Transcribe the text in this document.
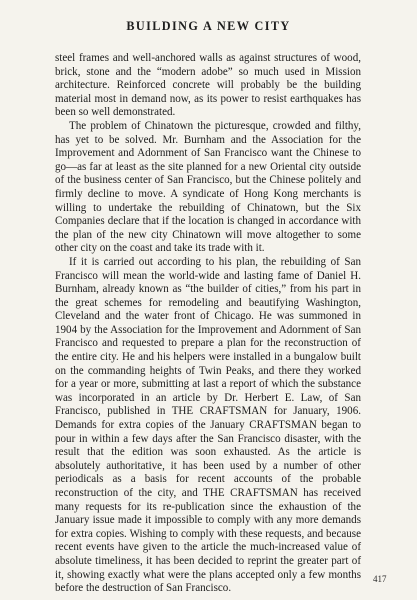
BUILDING A NEW CITY

steel frames and well-anchored walls as against structures of wood, brick, stone and the “modern adobe” so much used in Mission architecture. Reinforced concrete will probably be the building material most in demand now, as its power to resist earthquakes has been so well demonstrated.

The problem of Chinatown the picturesque, crowded and filthy, has yet to be solved. Mr. Burnham and the Association for the Improvement and Adornment of San Francisco want the Chinese to go—as far at least as the site planned for a new Oriental city outside of the business center of San Francisco, but the Chinese politely and firmly decline to move. A syndicate of Hong Kong merchants is willing to undertake the rebuilding of Chinatown, but the Six Companies declare that if the location is changed in accordance with the plan of the new city Chinatown will move altogether to some other city on the coast and take its trade with it.

If it is carried out according to his plan, the rebuilding of San Francisco will mean the world-wide and lasting fame of Daniel H. Burnham, already known as “the builder of cities,” from his part in the great schemes for remodeling and beautifying Washington, Cleveland and the water front of Chicago. He was summoned in 1904 by the Association for the Improvement and Adornment of San Francisco and requested to prepare a plan for the reconstruction of the entire city. He and his helpers were installed in a bungalow built on the commanding heights of Twin Peaks, and there they worked for a year or more, submitting at last a report of which the substance was incorporated in an article by Dr. Herbert E. Law, of San Francisco, published in THE CRAFTSMAN for January, 1906. Demands for extra copies of the January CRAFTSMAN began to pour in within a few days after the San Francisco disaster, with the result that the edition was soon exhausted. As the article is absolutely authoritative, it has been used by a number of other periodicals as a basis for recent accounts of the probable reconstruction of the city, and THE CRAFTSMAN has received many requests for its re-publication since the exhaustion of the January issue made it impossible to comply with any more demands for extra copies. Wishing to comply with these requests, and because recent events have given to the article the much-increased value of absolute timeliness, it has been decided to reprint the greater part of it, showing exactly what were the plans accepted only a few months before the destruction of San Francisco.

417
